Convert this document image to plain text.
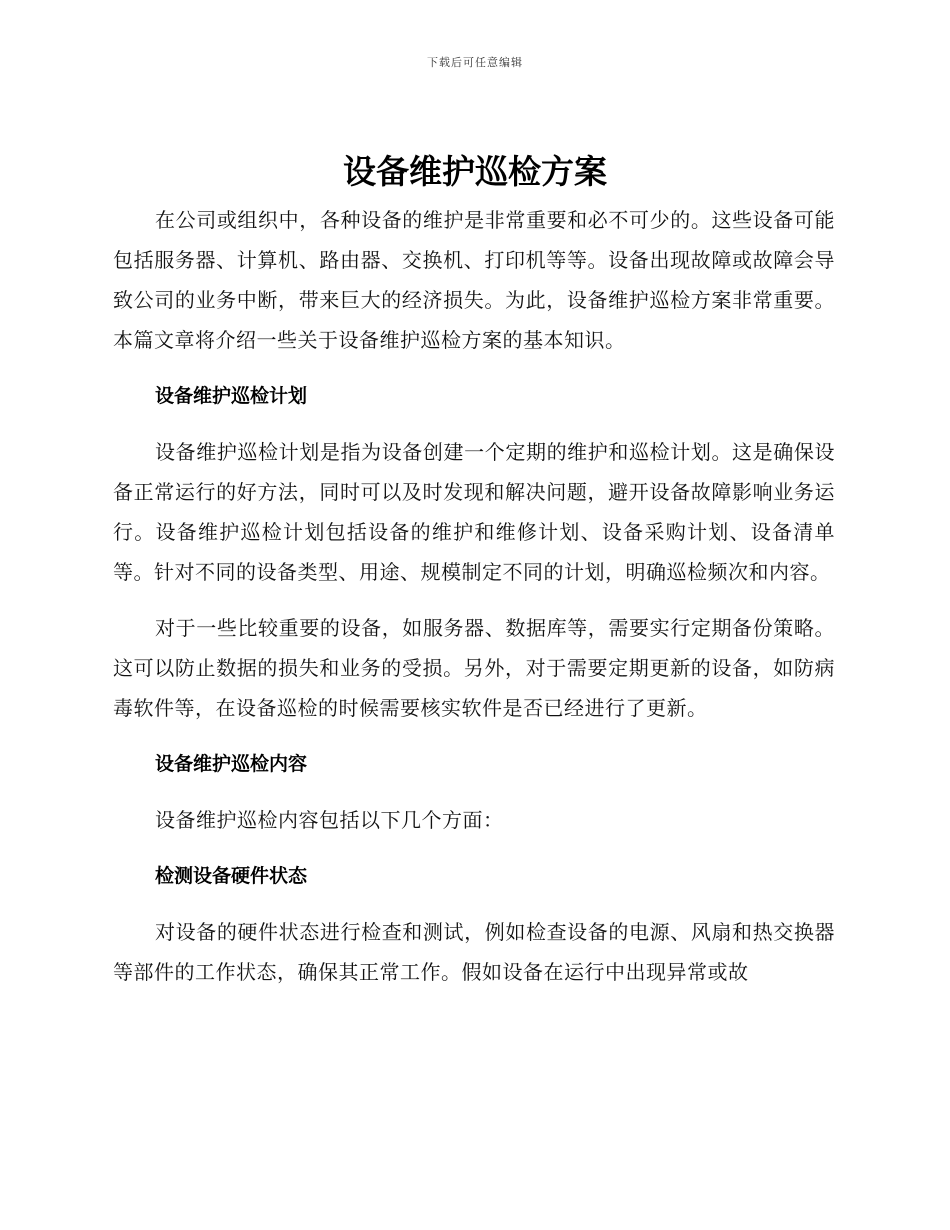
下载后可任意编辑

设备维护巡检方案

在公司或组织中，各种设备的维护是非常重要和必不可少的。这些设备可能包括服务器、计算机、路由器、交换机、打印机等等。设备出现故障或故障会导致公司的业务中断，带来巨大的经济损失。为此，设备维护巡检方案非常重要。本篇文章将介绍一些关于设备维护巡检方案的基本知识。

设备维护巡检计划

设备维护巡检计划是指为设备创建一个定期的维护和巡检计划。这是确保设备正常运行的好方法，同时可以及时发现和解决问题，避开设备故障影响业务运行。设备维护巡检计划包括设备的维护和维修计划、设备采购计划、设备清单等。针对不同的设备类型、用途、规模制定不同的计划，明确巡检频次和内容。

对于一些比较重要的设备，如服务器、数据库等，需要实行定期备份策略。这可以防止数据的损失和业务的受损。另外，对于需要定期更新的设备，如防病毒软件等，在设备巡检的时候需要核实软件是否已经进行了更新。

设备维护巡检内容

设备维护巡检内容包括以下几个方面：

检测设备硬件状态

对设备的硬件状态进行检查和测试，例如检查设备的电源、风扇和热交换器等部件的工作状态，确保其正常工作。假如设备在运行中出现异常或故
